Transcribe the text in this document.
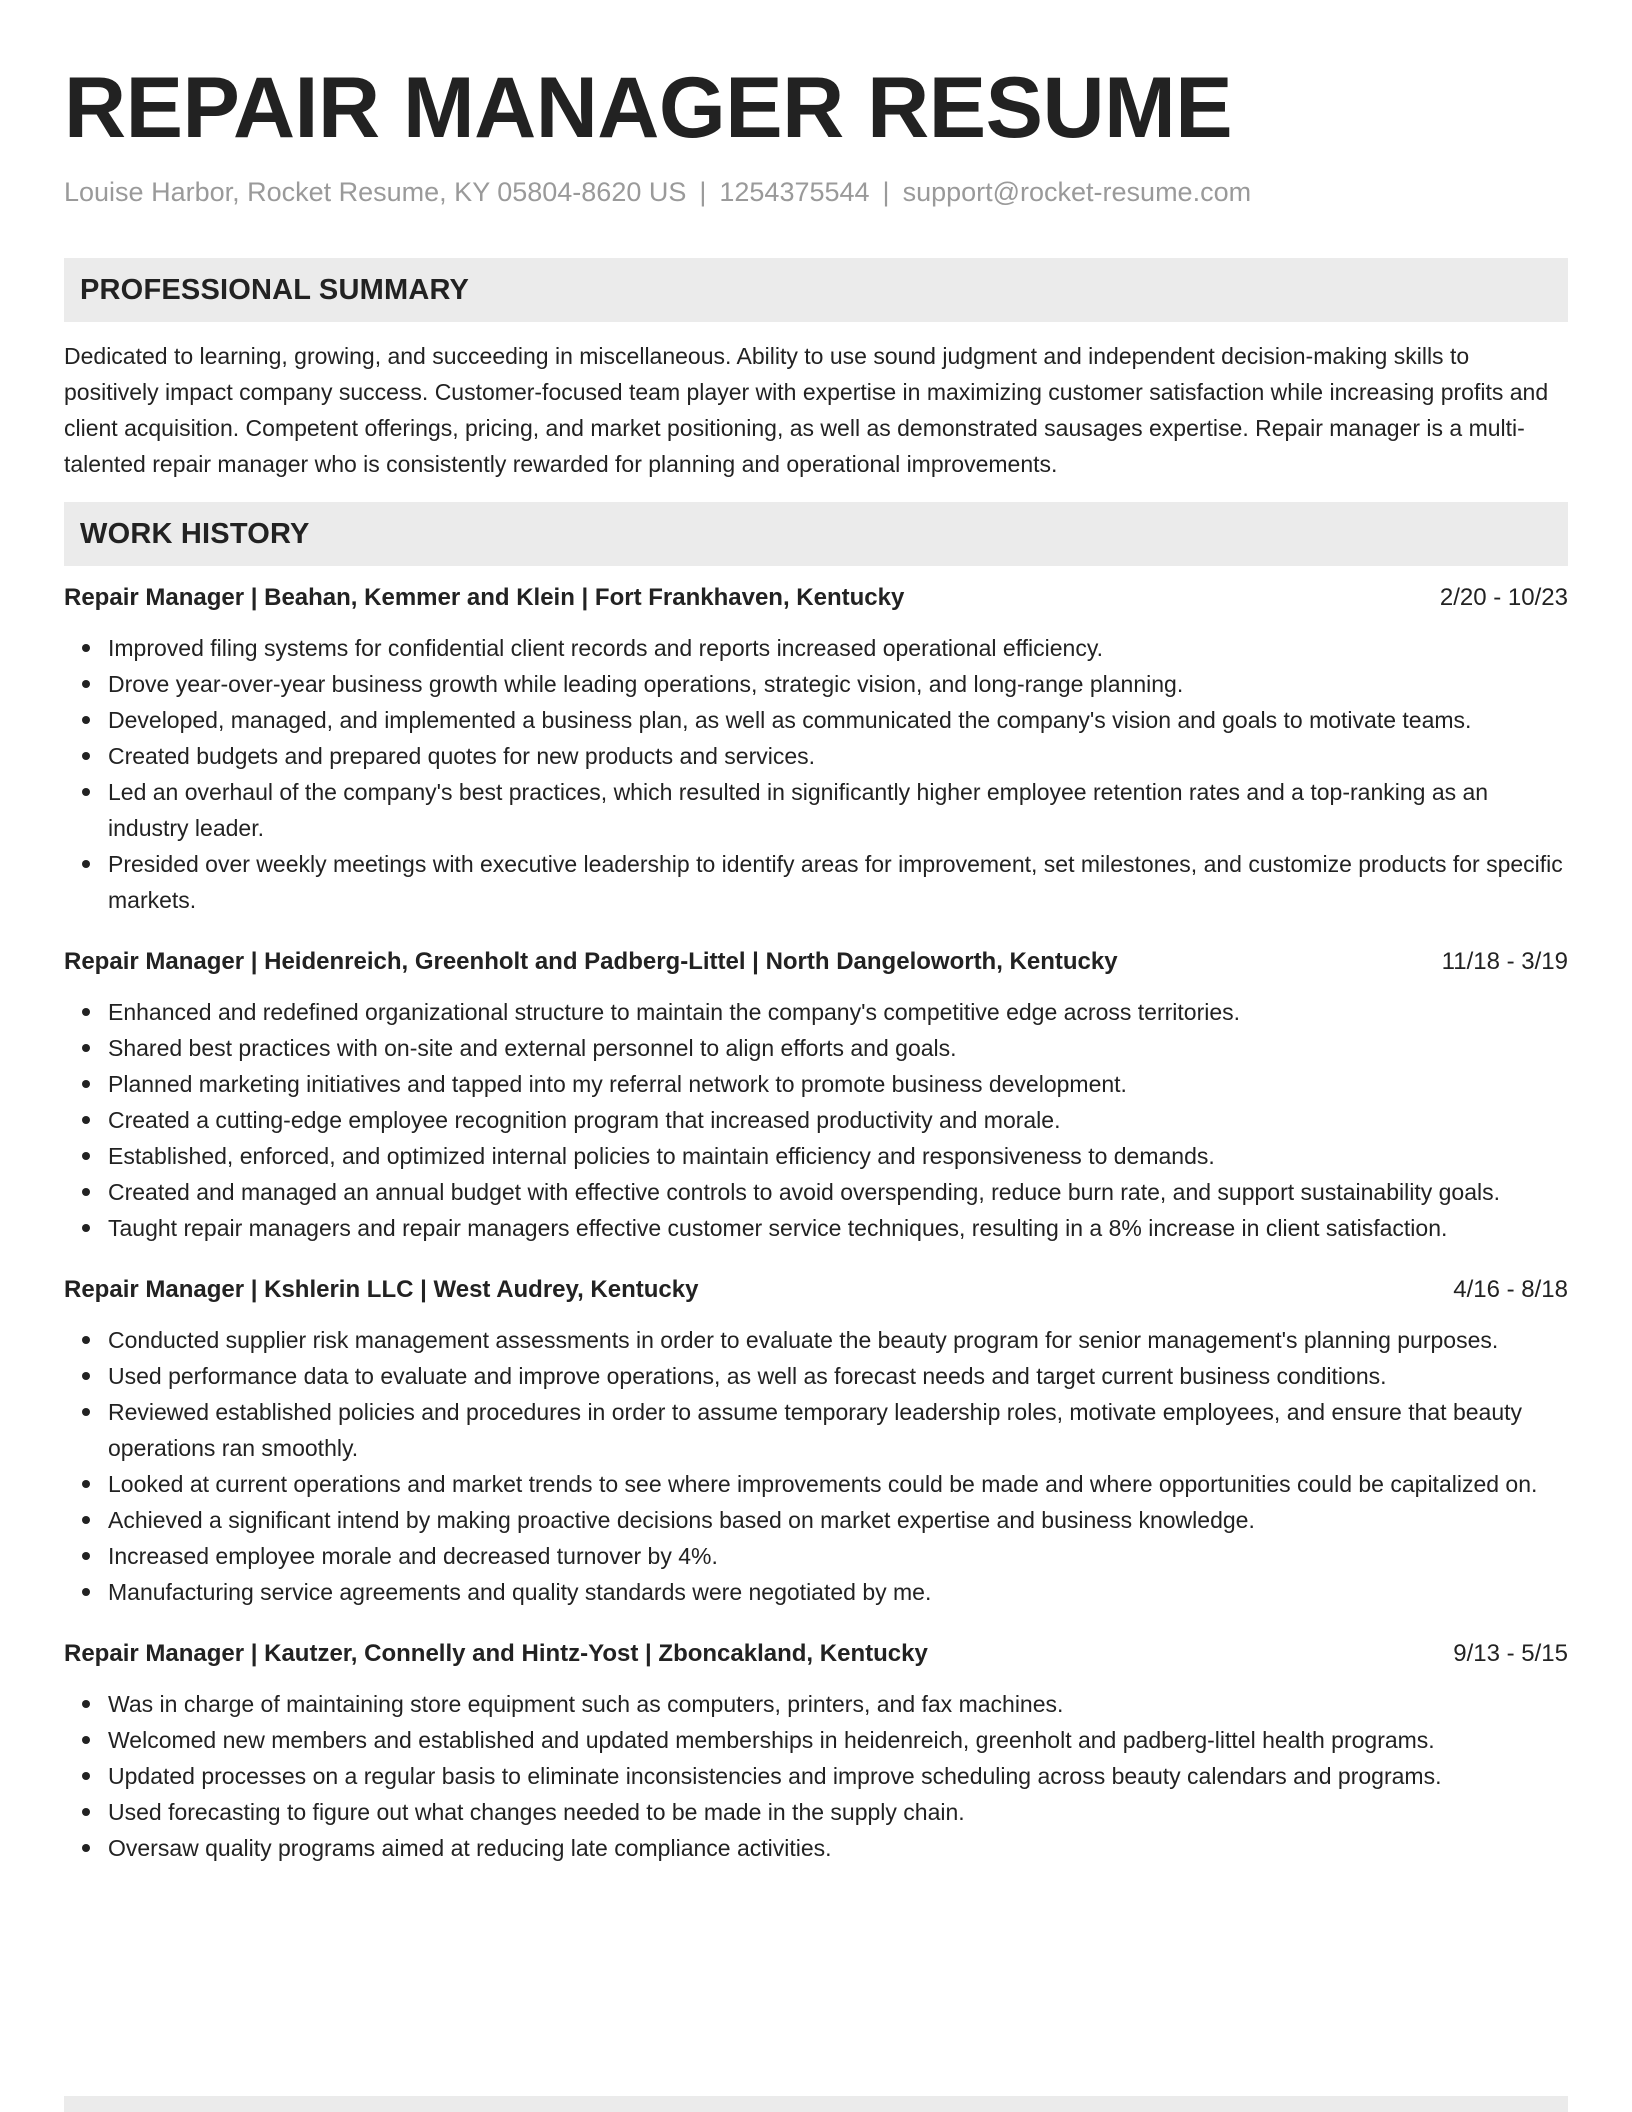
REPAIR MANAGER RESUME
Louise Harbor, Rocket Resume, KY 05804-8620 US | 1254375544 | support@rocket-resume.com
PROFESSIONAL SUMMARY
Dedicated to learning, growing, and succeeding in miscellaneous. Ability to use sound judgment and independent decision-making skills to positively impact company success. Customer-focused team player with expertise in maximizing customer satisfaction while increasing profits and client acquisition. Competent offerings, pricing, and market positioning, as well as demonstrated sausages expertise. Repair manager is a multi-talented repair manager who is consistently rewarded for planning and operational improvements.
WORK HISTORY
Repair Manager | Beahan, Kemmer and Klein | Fort Frankhaven, Kentucky	2/20 - 10/23
Improved filing systems for confidential client records and reports increased operational efficiency.
Drove year-over-year business growth while leading operations, strategic vision, and long-range planning.
Developed, managed, and implemented a business plan, as well as communicated the company's vision and goals to motivate teams.
Created budgets and prepared quotes for new products and services.
Led an overhaul of the company's best practices, which resulted in significantly higher employee retention rates and a top-ranking as an industry leader.
Presided over weekly meetings with executive leadership to identify areas for improvement, set milestones, and customize products for specific markets.
Repair Manager | Heidenreich, Greenholt and Padberg-Littel | North Dangeloworth, Kentucky	11/18 - 3/19
Enhanced and redefined organizational structure to maintain the company's competitive edge across territories.
Shared best practices with on-site and external personnel to align efforts and goals.
Planned marketing initiatives and tapped into my referral network to promote business development.
Created a cutting-edge employee recognition program that increased productivity and morale.
Established, enforced, and optimized internal policies to maintain efficiency and responsiveness to demands.
Created and managed an annual budget with effective controls to avoid overspending, reduce burn rate, and support sustainability goals.
Taught repair managers and repair managers effective customer service techniques, resulting in a 8% increase in client satisfaction.
Repair Manager | Kshlerin LLC | West Audrey, Kentucky	4/16 - 8/18
Conducted supplier risk management assessments in order to evaluate the beauty program for senior management's planning purposes.
Used performance data to evaluate and improve operations, as well as forecast needs and target current business conditions.
Reviewed established policies and procedures in order to assume temporary leadership roles, motivate employees, and ensure that beauty operations ran smoothly.
Looked at current operations and market trends to see where improvements could be made and where opportunities could be capitalized on.
Achieved a significant intend by making proactive decisions based on market expertise and business knowledge.
Increased employee morale and decreased turnover by 4%.
Manufacturing service agreements and quality standards were negotiated by me.
Repair Manager | Kautzer, Connelly and Hintz-Yost | Zboncakland, Kentucky	9/13 - 5/15
Was in charge of maintaining store equipment such as computers, printers, and fax machines.
Welcomed new members and established and updated memberships in heidenreich, greenholt and padberg-littel health programs.
Updated processes on a regular basis to eliminate inconsistencies and improve scheduling across beauty calendars and programs.
Used forecasting to figure out what changes needed to be made in the supply chain.
Oversaw quality programs aimed at reducing late compliance activities.
